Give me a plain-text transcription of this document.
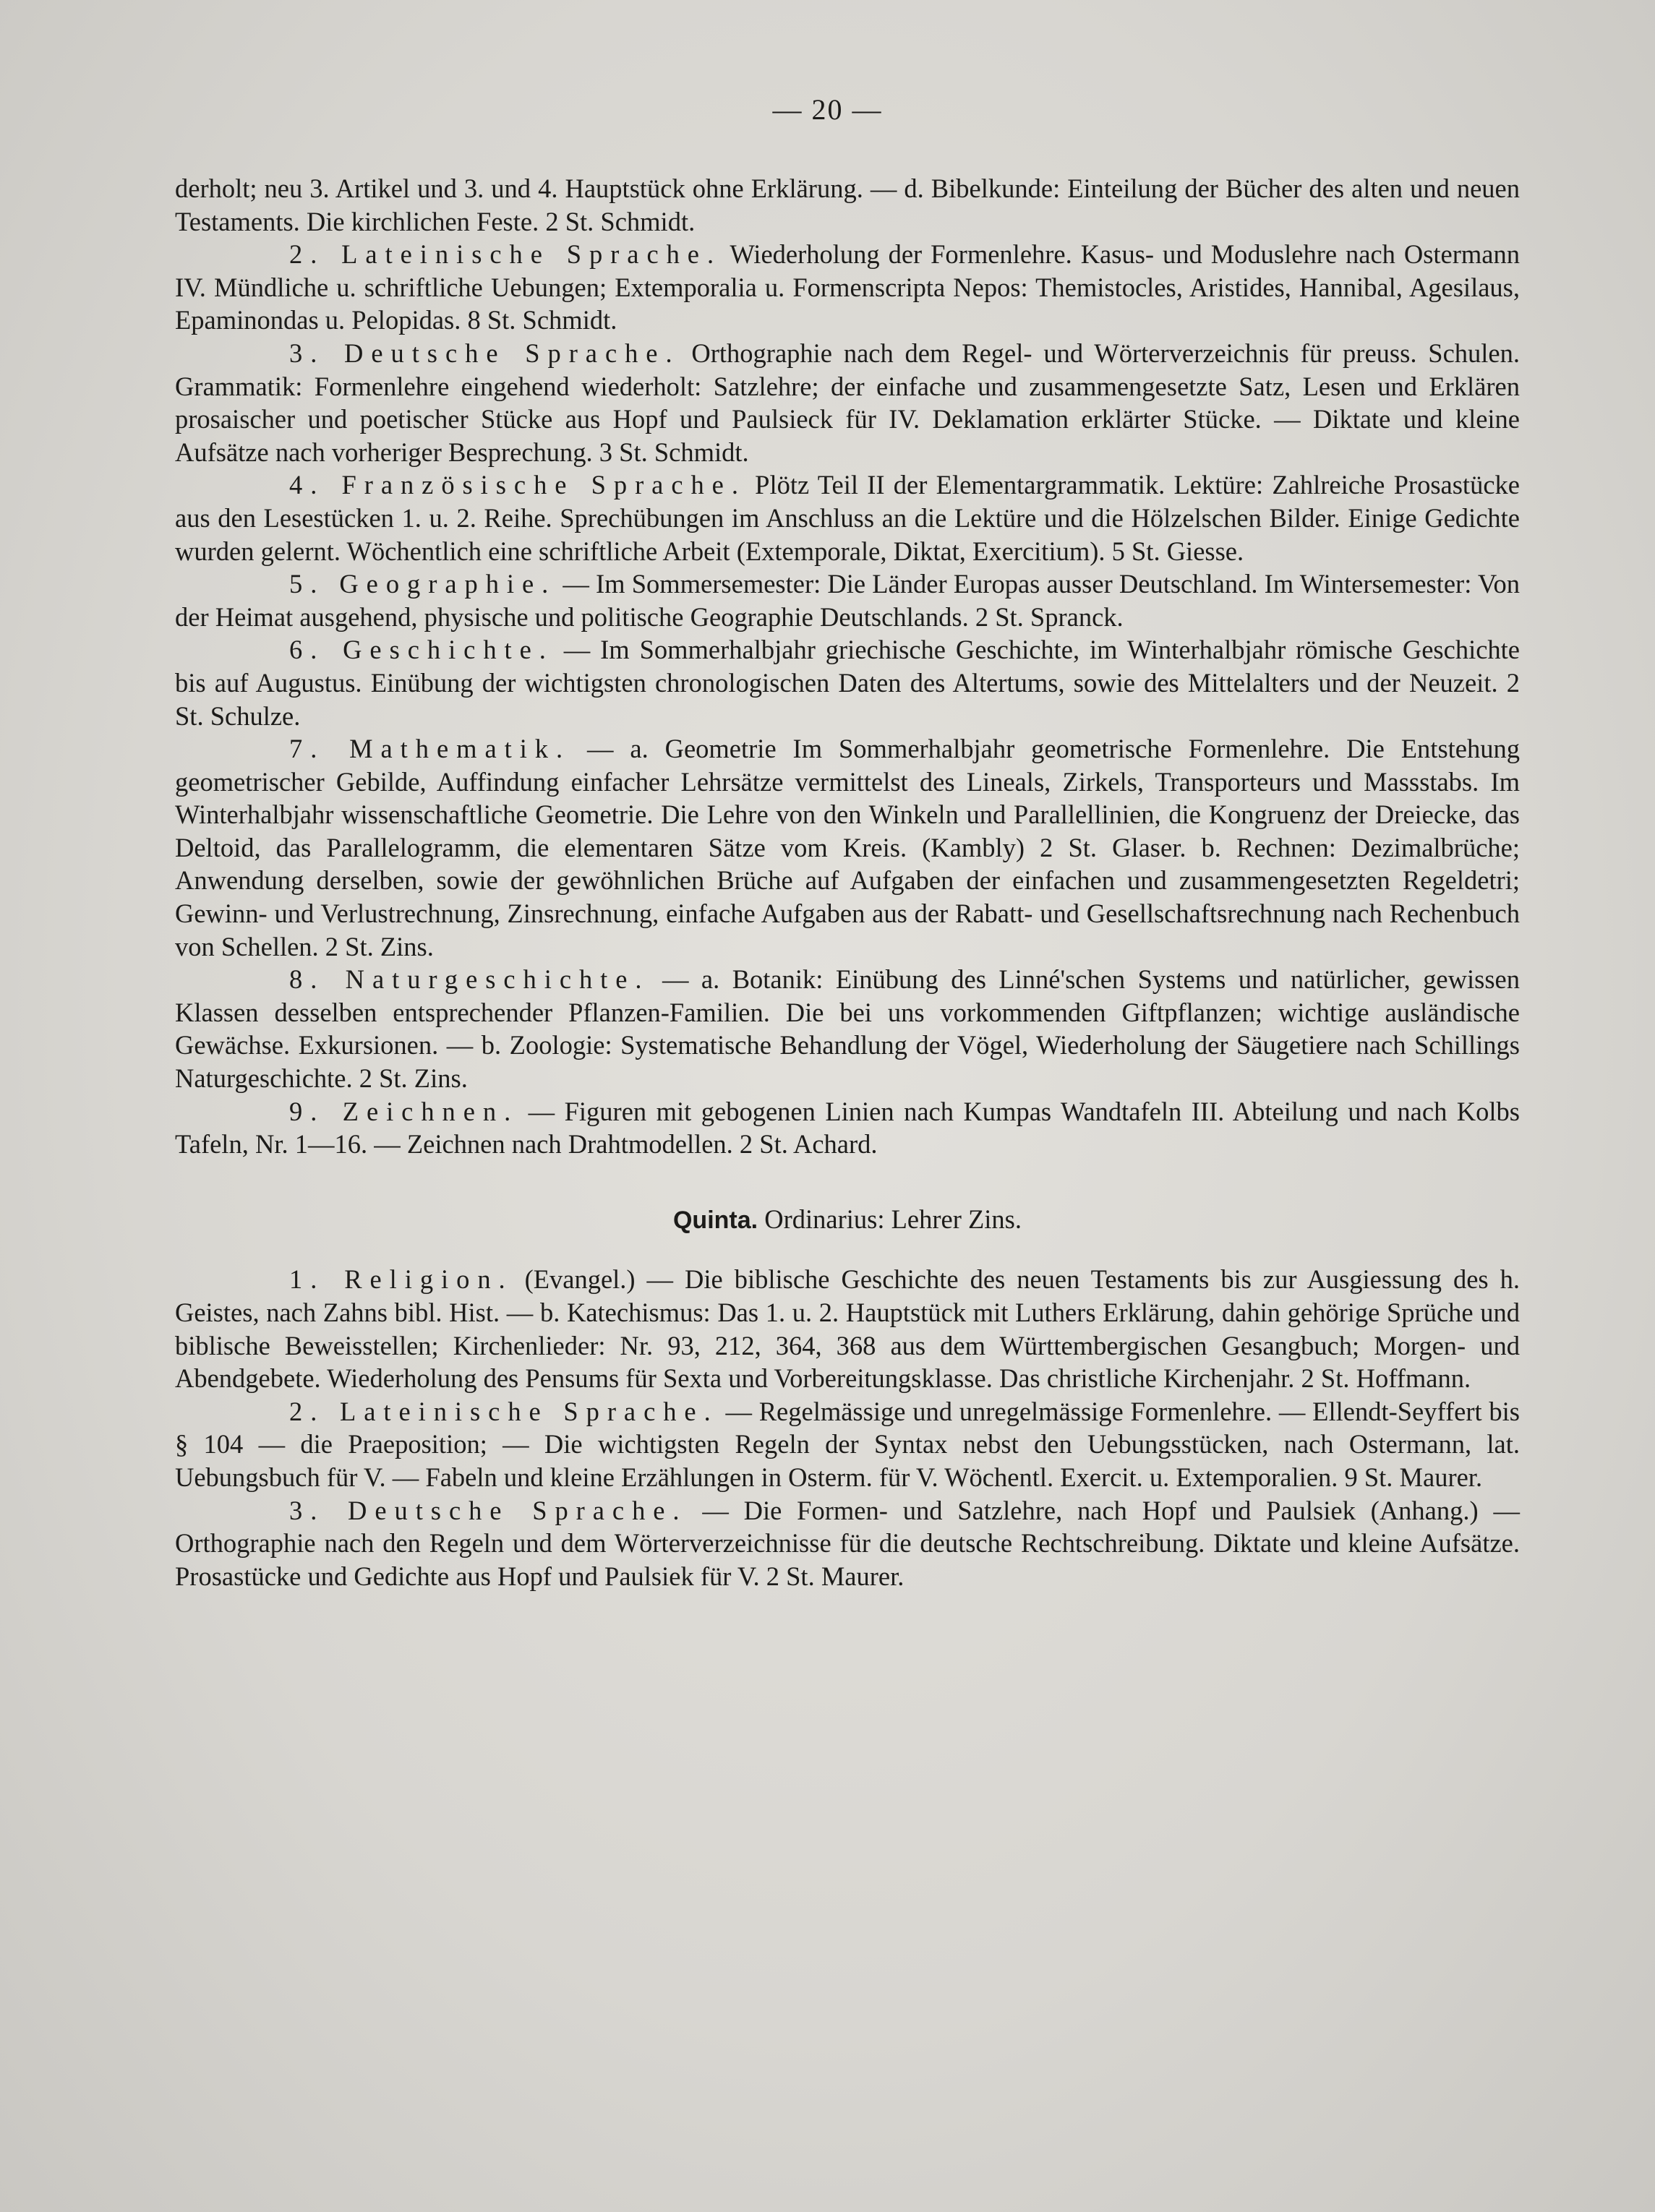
— 20 —

derholt; neu 3. Artikel und 3. und 4. Hauptstück ohne Erklärung. — d. Bibelkunde: Einteilung der Bücher des alten und neuen Testaments. Die kirchlichen Feste. 2 St. Schmidt.

2. Lateinische Sprache. Wiederholung der Formenlehre. Kasus- und Moduslehre nach Ostermann IV. Mündliche u. schriftliche Uebungen; Extemporalia u. Formenscripta Nepos: Themistocles, Aristides, Hannibal, Agesilaus, Epaminondas u. Pelopidas. 8 St. Schmidt.

3. Deutsche Sprache. Orthographie nach dem Regel- und Wörterverzeichnis für preuss. Schulen. Grammatik: Formenlehre eingehend wiederholt: Satzlehre; der einfache und zusammengesetzte Satz, Lesen und Erklären prosaischer und poetischer Stücke aus Hopf und Paulsieck für IV. Deklamation erklärter Stücke. — Diktate und kleine Aufsätze nach vorheriger Besprechung. 3 St. Schmidt.

4. Französische Sprache. Plötz Teil II der Elementargrammatik. Lektüre: Zahlreiche Prosastücke aus den Lesestücken 1. u. 2. Reihe. Sprechübungen im Anschluss an die Lektüre und die Hölzelschen Bilder. Einige Gedichte wurden gelernt. Wöchentlich eine schriftliche Arbeit (Extemporale, Diktat, Exercitium). 5 St. Giesse.

5. Geographie. — Im Sommersemester: Die Länder Europas ausser Deutschland. Im Wintersemester: Von der Heimat ausgehend, physische und politische Geographie Deutschlands. 2 St. Spranck.

6. Geschichte. — Im Sommerhalbjahr griechische Geschichte, im Winterhalbjahr römische Geschichte bis auf Augustus. Einübung der wichtigsten chronologischen Daten des Altertums, sowie des Mittelalters und der Neuzeit. 2 St. Schulze.

7. Mathematik. — a. Geometrie Im Sommerhalbjahr geometrische Formenlehre. Die Entstehung geometrischer Gebilde, Auffindung einfacher Lehrsätze vermittelst des Lineals, Zirkels, Transporteurs und Massstabs. Im Winterhalbjahr wissenschaftliche Geometrie. Die Lehre von den Winkeln und Parallellinien, die Kongruenz der Dreiecke, das Deltoid, das Parallelogramm, die elementaren Sätze vom Kreis. (Kambly) 2 St. Glaser. b. Rechnen: Dezimalbrüche; Anwendung derselben, sowie der gewöhnlichen Brüche auf Aufgaben der einfachen und zusammengesetzten Regeldetri; Gewinn- und Verlustrechnung, Zinsrechnung, einfache Aufgaben aus der Rabatt- und Gesellschaftsrechnung nach Rechenbuch von Schellen. 2 St. Zins.

8. Naturgeschichte. — a. Botanik: Einübung des Linné'schen Systems und natürlicher, gewissen Klassen desselben entsprechender Pflanzen-Familien. Die bei uns vorkommenden Giftpflanzen; wichtige ausländische Gewächse. Exkursionen. — b. Zoologie: Systematische Behandlung der Vögel, Wiederholung der Säugetiere nach Schillings Naturgeschichte. 2 St. Zins.

9. Zeichnen. — Figuren mit gebogenen Linien nach Kumpas Wandtafeln III. Abteilung und nach Kolbs Tafeln, Nr. 1—16. — Zeichnen nach Drahtmodellen. 2 St. Achard.

Quinta. Ordinarius: Lehrer Zins.

1. Religion. (Evangel.) — Die biblische Geschichte des neuen Testaments bis zur Ausgiessung des h. Geistes, nach Zahns bibl. Hist. — b. Katechismus: Das 1. u. 2. Hauptstück mit Luthers Erklärung, dahin gehörige Sprüche und biblische Beweisstellen; Kirchenlieder: Nr. 93, 212, 364, 368 aus dem Württembergischen Gesangbuch; Morgen- und Abendgebete. Wiederholung des Pensums für Sexta und Vorbereitungsklasse. Das christliche Kirchenjahr. 2 St. Hoffmann.

2. Lateinische Sprache. — Regelmässige und unregelmässige Formenlehre. — Ellendt-Seyffert bis § 104 — die Praeposition; — Die wichtigsten Regeln der Syntax nebst den Uebungsstücken, nach Ostermann, lat. Uebungsbuch für V. — Fabeln und kleine Erzählungen in Osterm. für V. Wöchentl. Exercit. u. Extemporalien. 9 St. Maurer.

3. Deutsche Sprache. — Die Formen- und Satzlehre, nach Hopf und Paulsiek (Anhang.) — Orthographie nach den Regeln und dem Wörterverzeichnisse für die deutsche Rechtschreibung. Diktate und kleine Aufsätze. Prosastücke und Gedichte aus Hopf und Paulsiek für V. 2 St. Maurer.
